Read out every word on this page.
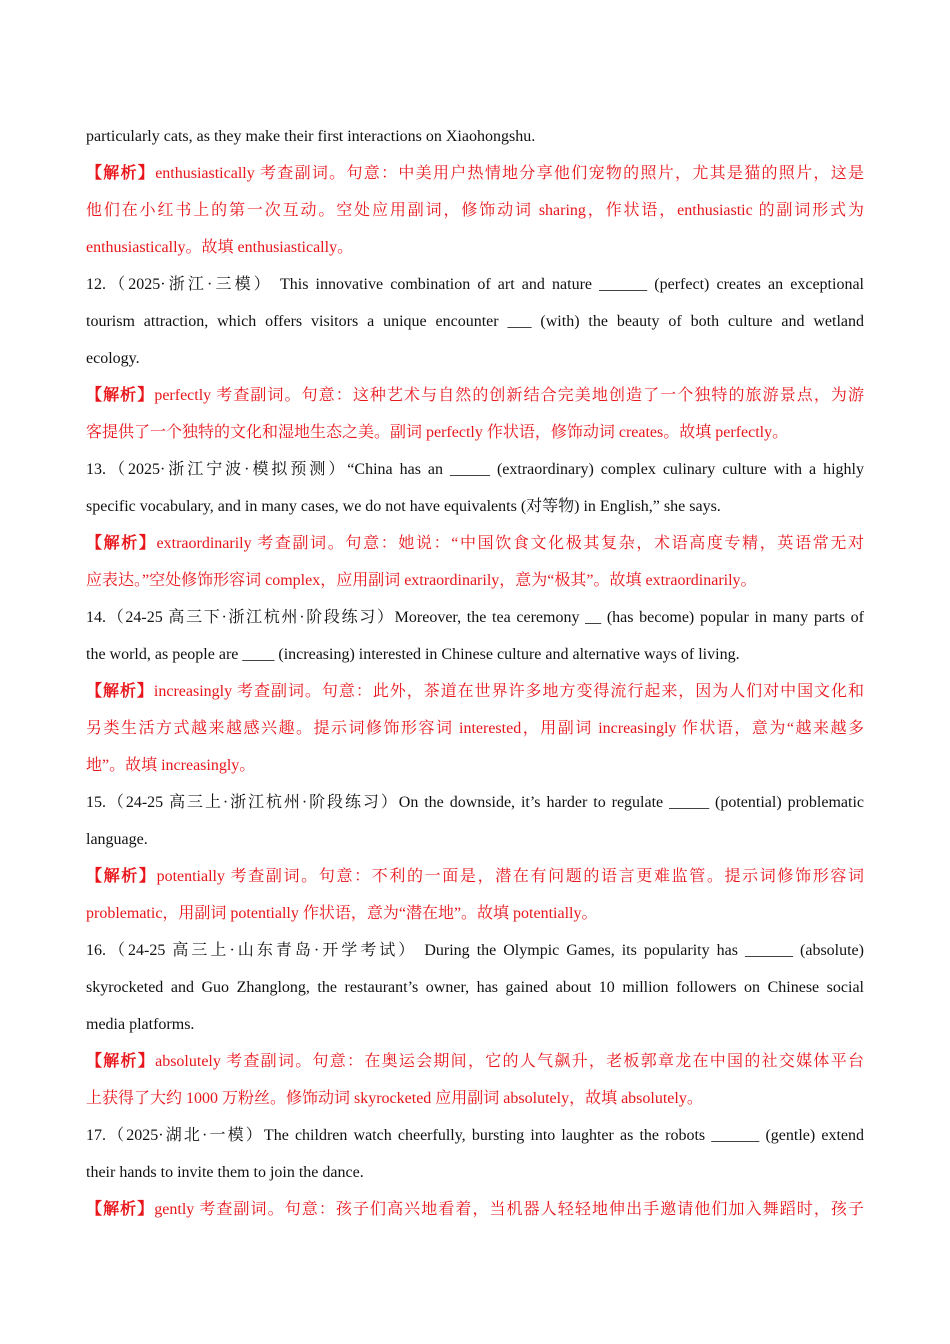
particularly cats, as they make their first interactions on Xiaohongshu.
【解析】enthusiastically 考查副词。句意：中美用户热情地分享他们宠物的照片，尤其是猫的照片，这是
他们在小红书上的第一次互动。空处应用副词，修饰动词 sharing，作状语，enthusiastic 的副词形式为
enthusiastically。故填 enthusiastically。
12.（2025·浙江·三模） This innovative combination of art and nature ______ (perfect) creates an exceptional
tourism attraction, which offers visitors a unique encounter ___ (with) the beauty of both culture and wetland
ecology.
【解析】perfectly 考查副词。句意：这种艺术与自然的创新结合完美地创造了一个独特的旅游景点，为游
客提供了一个独特的文化和湿地生态之美。副词 perfectly 作状语，修饰动词 creates。故填 perfectly。
13.（2025·浙江宁波·模拟预测）“China has an _____ (extraordinary) complex culinary culture with a highly
specific vocabulary, and in many cases, we do not have equivalents (对等物) in English,” she says.
【解析】extraordinarily 考查副词。句意：她说：“中国饮食文化极其复杂，术语高度专精，英语常无对
应表达。”空处修饰形容词 complex，应用副词 extraordinarily，意为“极其”。故填 extraordinarily。
14.（24-25 高三下·浙江杭州·阶段练习）Moreover, the tea ceremony __ (has become) popular in many parts of
the world, as people are ____ (increasing) interested in Chinese culture and alternative ways of living.
【解析】increasingly 考查副词。句意：此外，茶道在世界许多地方变得流行起来，因为人们对中国文化和
另类生活方式越来越感兴趣。提示词修饰形容词 interested，用副词 increasingly 作状语，意为“越来越多
地”。故填 increasingly。
15.（24-25 高三上·浙江杭州·阶段练习）On the downside, it’s harder to regulate _____ (potential) problematic
language.
【解析】potentially 考查副词。句意：不利的一面是，潜在有问题的语言更难监管。提示词修饰形容词
problematic，用副词 potentially 作状语，意为“潜在地”。故填 potentially。
16.（24-25 高三上·山东青岛·开学考试） During the Olympic Games, its popularity has ______ (absolute)
skyrocketed and Guo Zhanglong, the restaurant’s owner, has gained about 10 million followers on Chinese social
media platforms.
【解析】absolutely 考查副词。句意：在奥运会期间，它的人气飙升，老板郭章龙在中国的社交媒体平台
上获得了大约 1000 万粉丝。修饰动词 skyrocketed 应用副词 absolutely，故填 absolutely。
17.（2025·湖北·一模）The children watch cheerfully, bursting into laughter as the robots ______ (gentle) extend
their hands to invite them to join the dance.
【解析】gently 考查副词。句意：孩子们高兴地看着，当机器人轻轻地伸出手邀请他们加入舞蹈时，孩子
